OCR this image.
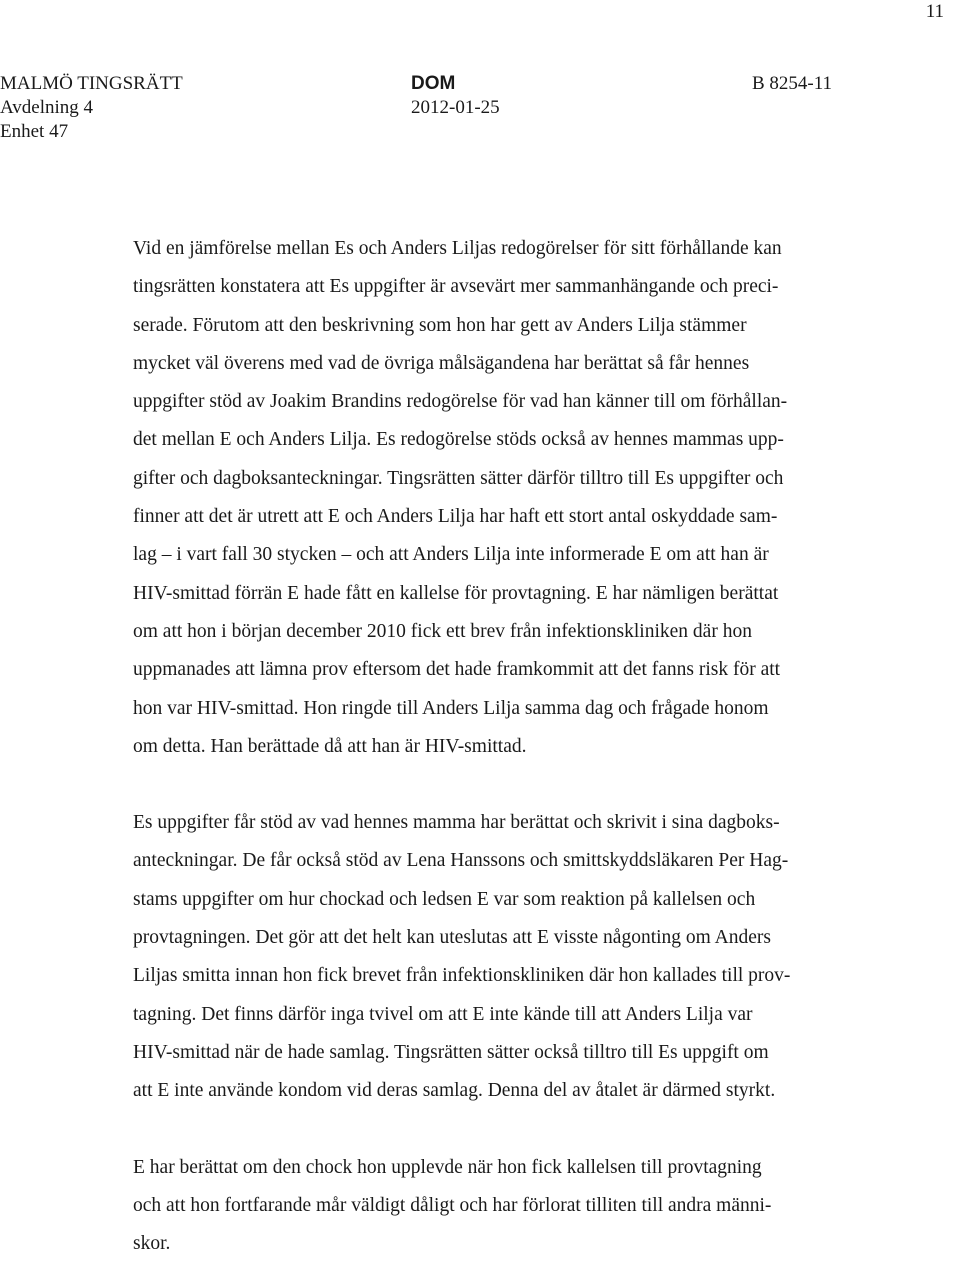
11
MALMÖ TINGSRÄTT
Avdelning 4
Enhet 47
DOM
2012-01-25
B 8254-11

Vid en jämförelse mellan Es och Anders Liljas redogörelser för sitt förhållande kan
tingsrätten konstatera att Es uppgifter är avsevärt mer sammanhängande och preci-
serade. Förutom att den beskrivning som hon har gett av Anders Lilja stämmer
mycket väl överens med vad de övriga målsägandena har berättat så får hennes
uppgifter stöd av Joakim Brandins redogörelse för vad han känner till om förhållan-
det mellan E och Anders Lilja. Es redogörelse stöds också av hennes mammas upp-
gifter och dagboksanteckningar. Tingsrätten sätter därför tilltro till Es uppgifter och
finner att det är utrett att E och Anders Lilja har haft ett stort antal oskyddade sam-
lag – i vart fall 30 stycken – och att Anders Lilja inte informerade E om att han är
HIV-smittad förrän E hade fått en kallelse för provtagning. E har nämligen berättat
om att hon i början december 2010 fick ett brev från infektionskliniken där hon
uppmanades att lämna prov eftersom det hade framkommit att det fanns risk för att
hon var HIV-smittad. Hon ringde till Anders Lilja samma dag och frågade honom
om detta. Han berättade då att han är HIV-smittad.

Es uppgifter får stöd av vad hennes mamma har berättat och skrivit i sina dagboks-
anteckningar. De får också stöd av Lena Hanssons och smittskyddsläkaren Per Hag-
stams uppgifter om hur chockad och ledsen E var som reaktion på kallelsen och
provtagningen. Det gör att det helt kan uteslutas att E visste någonting om Anders
Liljas smitta innan hon fick brevet från infektionskliniken där hon kallades till prov-
tagning. Det finns därför inga tvivel om att E inte kände till att Anders Lilja var
HIV-smittad när de hade samlag. Tingsrätten sätter också tilltro till Es uppgift om
att E inte använde kondom vid deras samlag. Denna del av åtalet är därmed styrkt.

E har berättat om den chock hon upplevde när hon fick kallelsen till provtagning
och att hon fortfarande mår väldigt dåligt och har förlorat tilliten till andra männi-
skor.
